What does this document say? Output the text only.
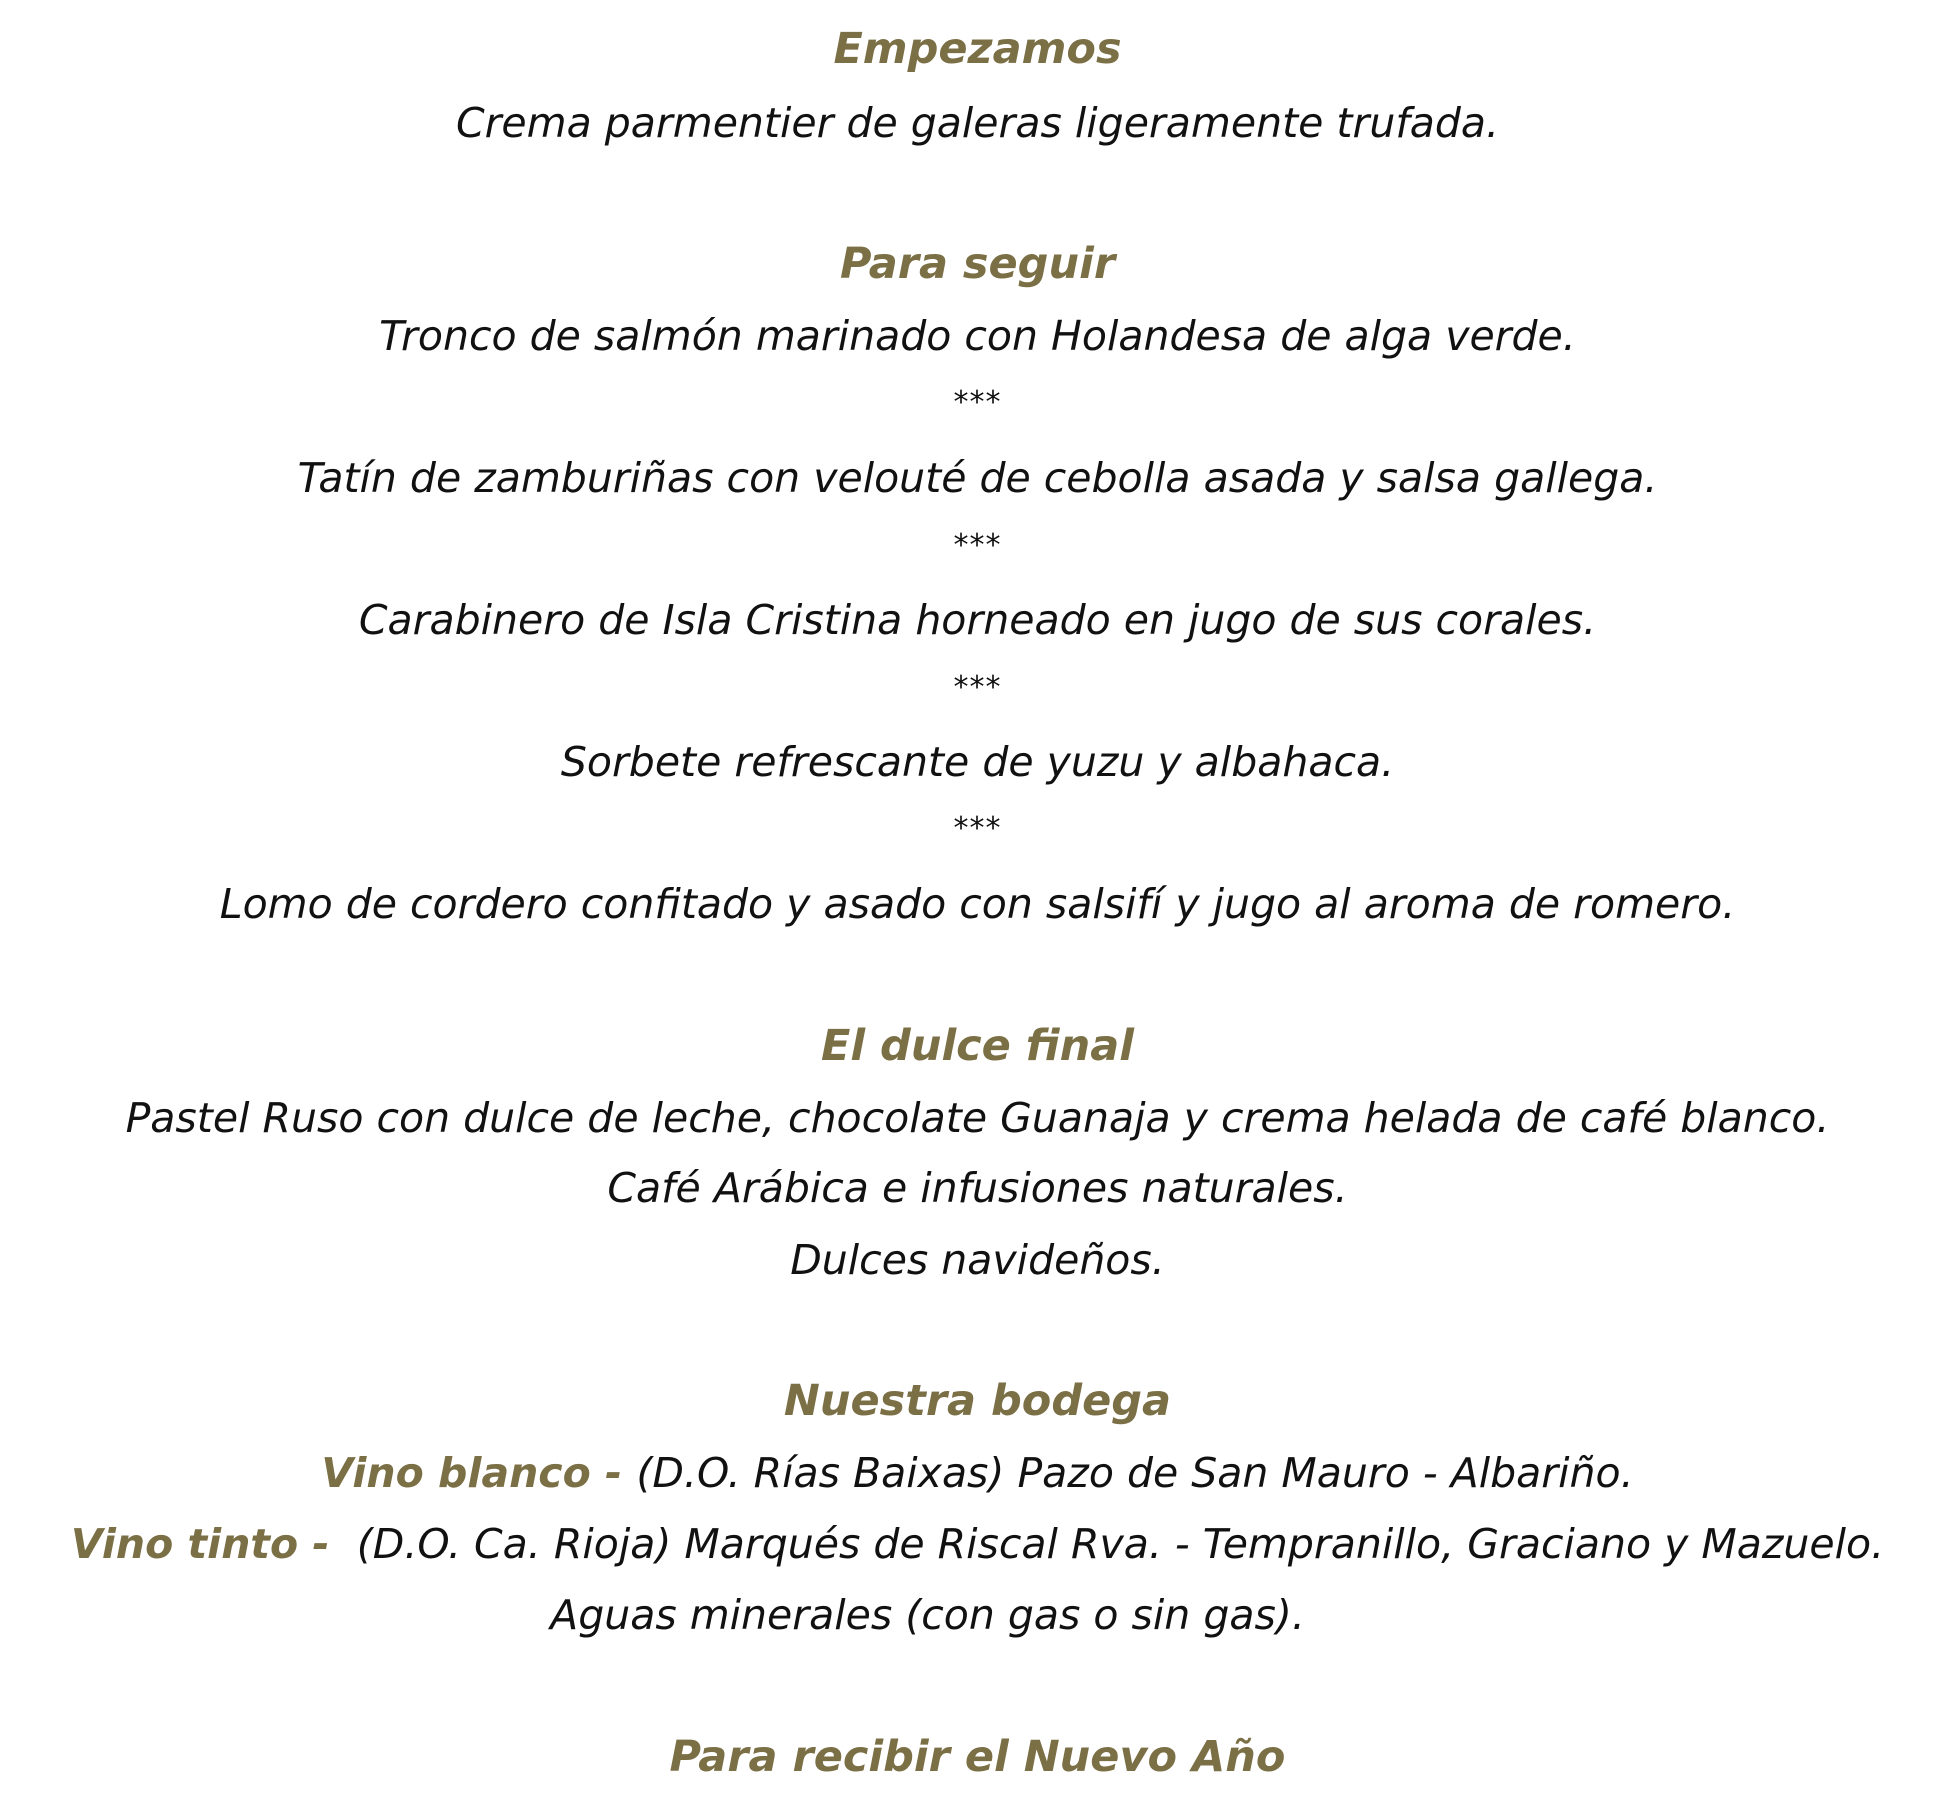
Empezamos
Crema parmentier de galeras ligeramente trufada.
Para seguir
Tronco de salmón marinado con Holandesa de alga verde.
***
Tatín de zamburiñas con velouté de cebolla asada y salsa gallega.
***
Carabinero de Isla Cristina horneado en jugo de sus corales.
***
Sorbete refrescante de yuzu y albahaca.
***
Lomo de cordero confitado y asado con salsifí y jugo al aroma de romero.
El dulce final
Pastel Ruso con dulce de leche, chocolate Guanaja y crema helada de café blanco.
Café Arábica e infusiones naturales.
Dulces navideños.
Nuestra bodega
Vino blanco - (D.O. Rías Baixas) Pazo de San Mauro - Albariño.
Vino tinto -  (D.O. Ca. Rioja) Marqués de Riscal Rva. - Tempranillo, Graciano y Mazuelo.
Aguas minerales (con gas o sin gas).
Para recibir el Nuevo Año
